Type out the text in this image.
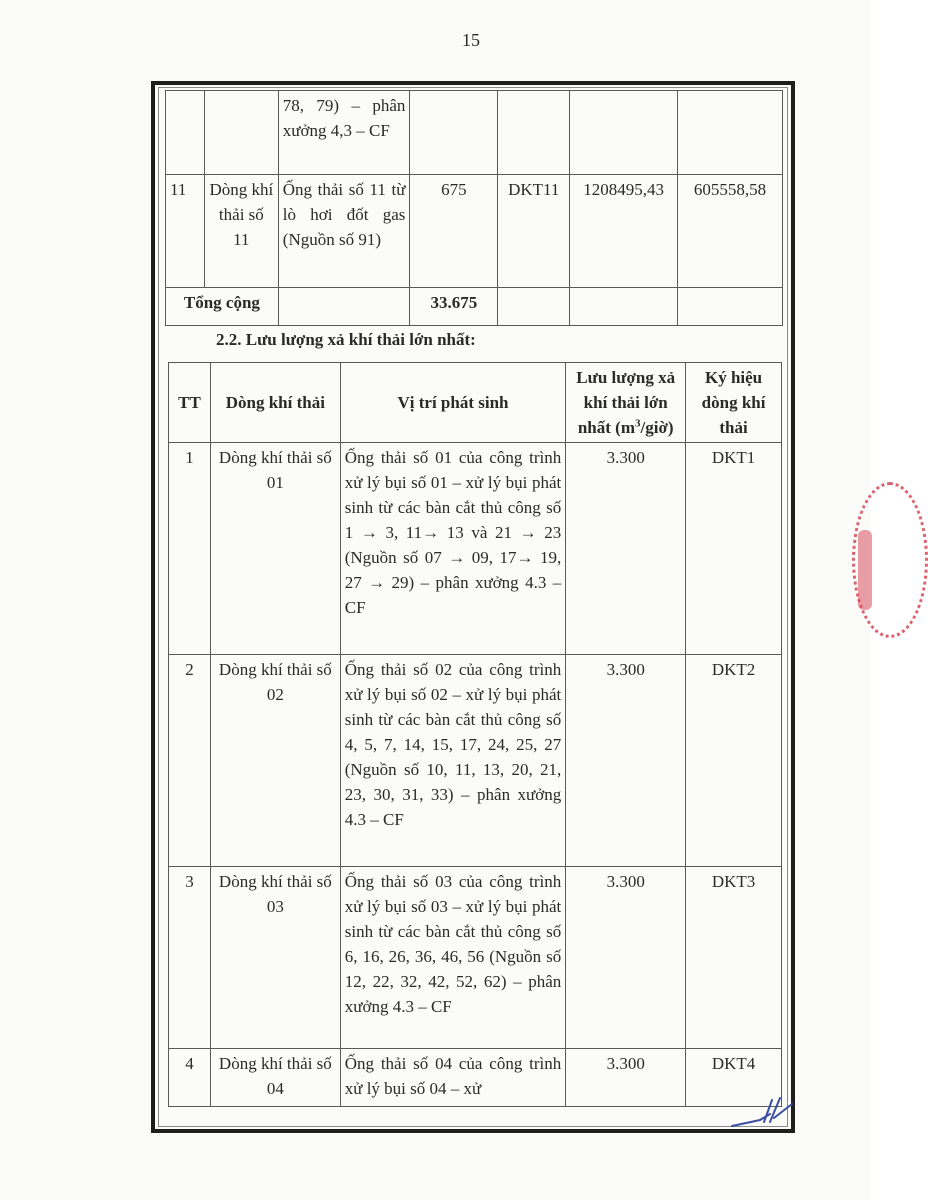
15
		78, 79) – phân xưởng 4,3 – CF				
11	Dòng khí thải số 11	Ống thải số 11 từ lò hơi đốt gas (Nguồn số 91)	675	DKT11	1208495,43	605558,58
Tổng cộng			33.675			
2.2. Lưu lượng xả khí thải lớn nhất:
TT	Dòng khí thải	Vị trí phát sinh	Lưu lượng xả khí thải lớn nhất $(m^3/giờ)$	Ký hiệu dòng khí thải
1	Dòng khí thải số 01	Ống thải số 01 của công trình xử lý bụi số 01 – xử lý bụi phát sinh từ các bàn cắt thủ công số 1 → 3, 11→ 13 và 21 → 23 (Nguồn số 07 → 09, 17→ 19, 27 → 29) – phân xưởng 4.3 – CF	3.300	DKT1
2	Dòng khí thải số 02	Ống thải số 02 của công trình xử lý bụi số 02 – xử lý bụi phát sinh từ các bàn cắt thủ công số 4, 5, 7, 14, 15, 17, 24, 25, 27 (Nguồn số 10, 11, 13, 20, 21, 23, 30, 31, 33) – phân xưởng 4.3 – CF	3.300	DKT2
3	Dòng khí thải số 03	Ống thải số 03 của công trình xử lý bụi số 03 – xử lý bụi phát sinh từ các bàn cắt thủ công số 6, 16, 26, 36, 46, 56 (Nguồn số 12, 22, 32, 42, 52, 62) – phân xưởng 4.3 – CF	3.300	DKT3
4	Dòng khí thải số 04	Ống thải số 04 của công trình xử lý bụi số 04 – xử	3.300	DKT4
